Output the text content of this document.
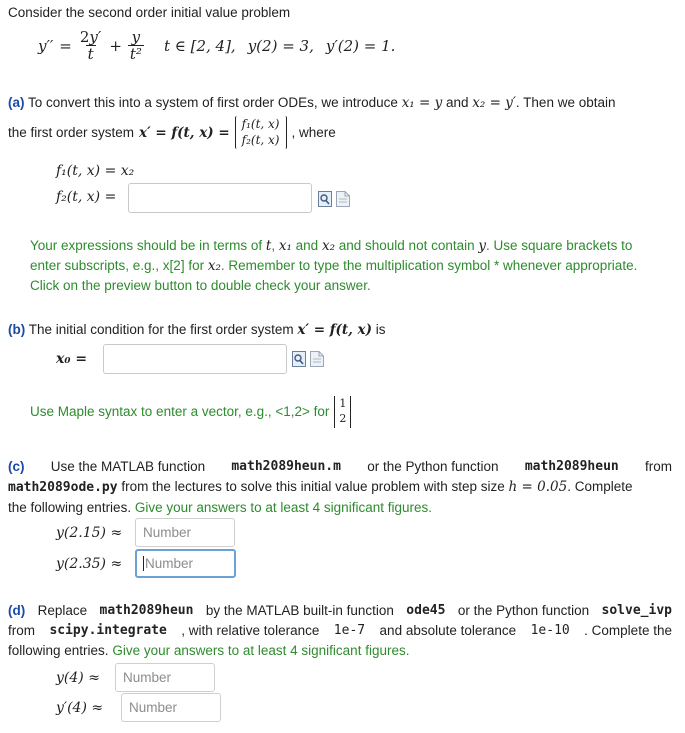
Consider the second order initial value problem
$y'' = \frac{2y'}{t} + \frac{y}{\text{t²}}$ t ∈ [2, 4], y(2) = 3, y′(2) = 1.
(a) To convert this into a system of first order ODEs, we introduce x₁ = y and x₂ = y′. Then we obtain
the first order system x′ = f(t, x) =
f₁(t, x)
f₂(t, x) , where
f₁(t, x) = x₂
f₂(t, x) =
Your expressions should be in terms of t, x₁ and x₂ and should not contain y. Use square brackets to
enter subscripts, e.g., x[2] for x₂. Remember to type the multiplication symbol * whenever appropriate.
Click on the preview button to double check your answer.
(b) The initial condition for the first order system x′ = f(t, x) is
x₀ =
Use Maple syntax to enter a vector, e.g., <1,2> for
1
2
(c) Use the MATLAB function math2089heun.m or the Python function math2089heun from
math2089ode.py from the lectures to solve this initial value problem with step size h = 0.05. Complete
the following entries. Give your answers to at least 4 significant figures.
y(2.15) ≈	Number
y(2.35) ≈	Number
(d) Replace math2089heun by the MATLAB built-in function ode45 or the Python function solve_ivp
from scipy.integrate , with relative tolerance 1e-7 and absolute tolerance 1e-10 . Complete the
following entries. Give your answers to at least 4 significant figures.
y(4) ≈	Number
y′(4) ≈	Number
